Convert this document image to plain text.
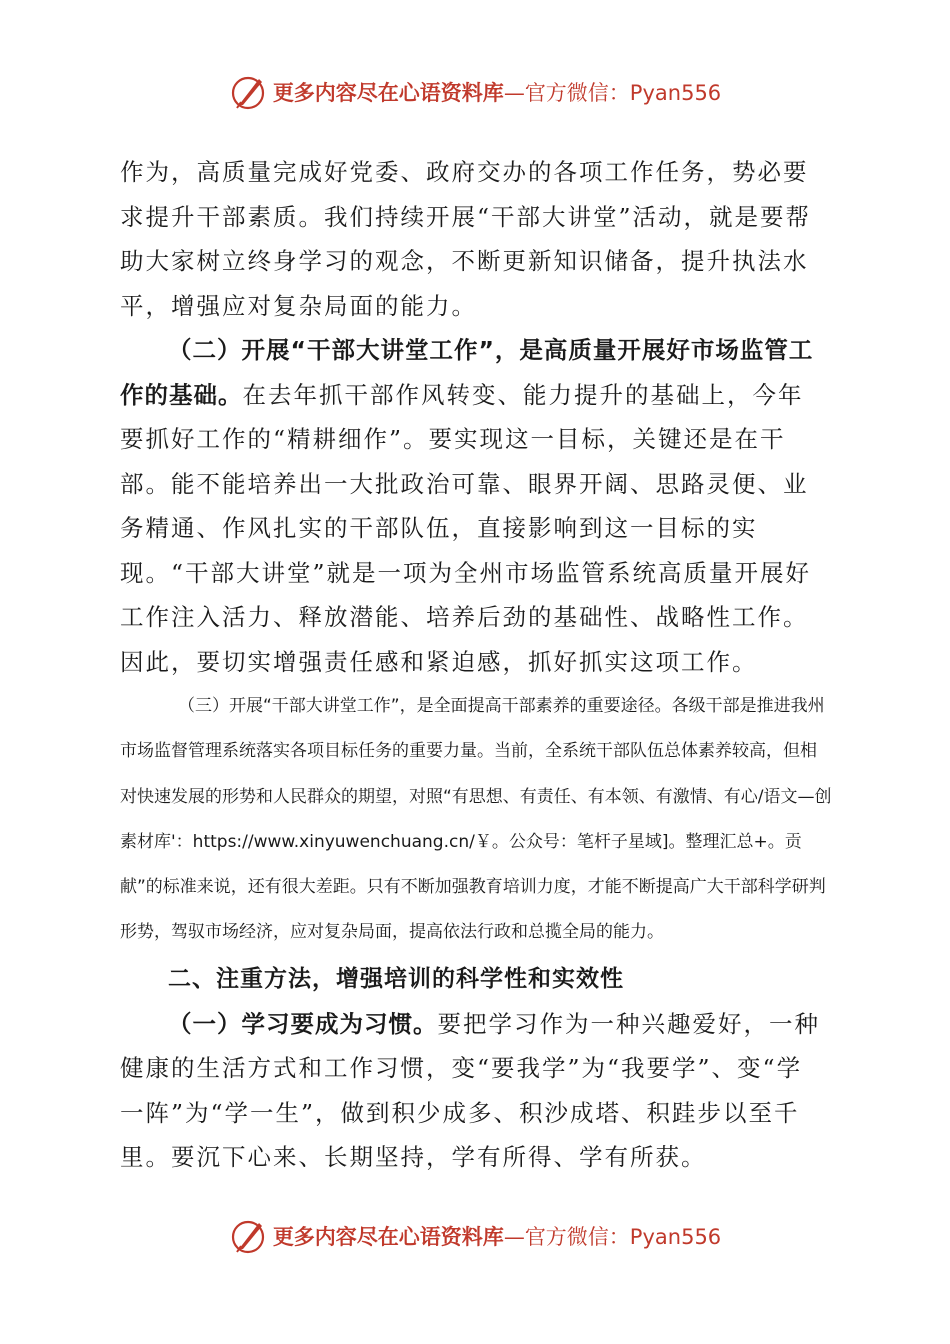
更多内容尽在心语资料库—官方微信：Pyan556

作为，高质量完成好党委、政府交办的各项工作任务，势必要求提升干部素质。我们持续开展“干部大讲堂”活动，就是要帮助大家树立终身学习的观念，不断更新知识储备，提升执法水平，增强应对复杂局面的能力。

（二）开展“干部大讲堂工作”，是高质量开展好市场监管工作的基础。在去年抓干部作风转变、能力提升的基础上，今年要抓好工作的“精耕细作”。要实现这一目标，关键还是在干部。能不能培养出一大批政治可靠、眼界开阔、思路灵便、业务精通、作风扎实的干部队伍，直接影响到这一目标的实现。“干部大讲堂”就是一项为全州市场监管系统高质量开展好工作注入活力、释放潜能、培养后劲的基础性、战略性工作。因此，要切实增强责任感和紧迫感，抓好抓实这项工作。

（三）开展“干部大讲堂工作”，是全面提高干部素养的重要途径。各级干部是推进我州市场监督管理系统落实各项目标任务的重要力量。当前，全系统干部队伍总体素养较高，但相对快速发展的形势和人民群众的期望，对照“有思想、有责任、有本领、有激情、有心/语文—创素材库'：https://www.xinyuwenchuang.cn/￥。公众号：笔杆子星域]。整理汇总+。贡献”的标准来说，还有很大差距。只有不断加强教育培训力度，才能不断提高广大干部科学研判形势，驾驭市场经济，应对复杂局面，提高依法行政和总揽全局的能力。

二、注重方法，增强培训的科学性和实效性

（一）学习要成为习惯。要把学习作为一种兴趣爱好，一种健康的生活方式和工作习惯，变“要我学”为“我要学”、变“学一阵”为“学一生”，做到积少成多、积沙成塔、积跬步以至千里。要沉下心来、长期坚持，学有所得、学有所获。

更多内容尽在心语资料库—官方微信：Pyan556
